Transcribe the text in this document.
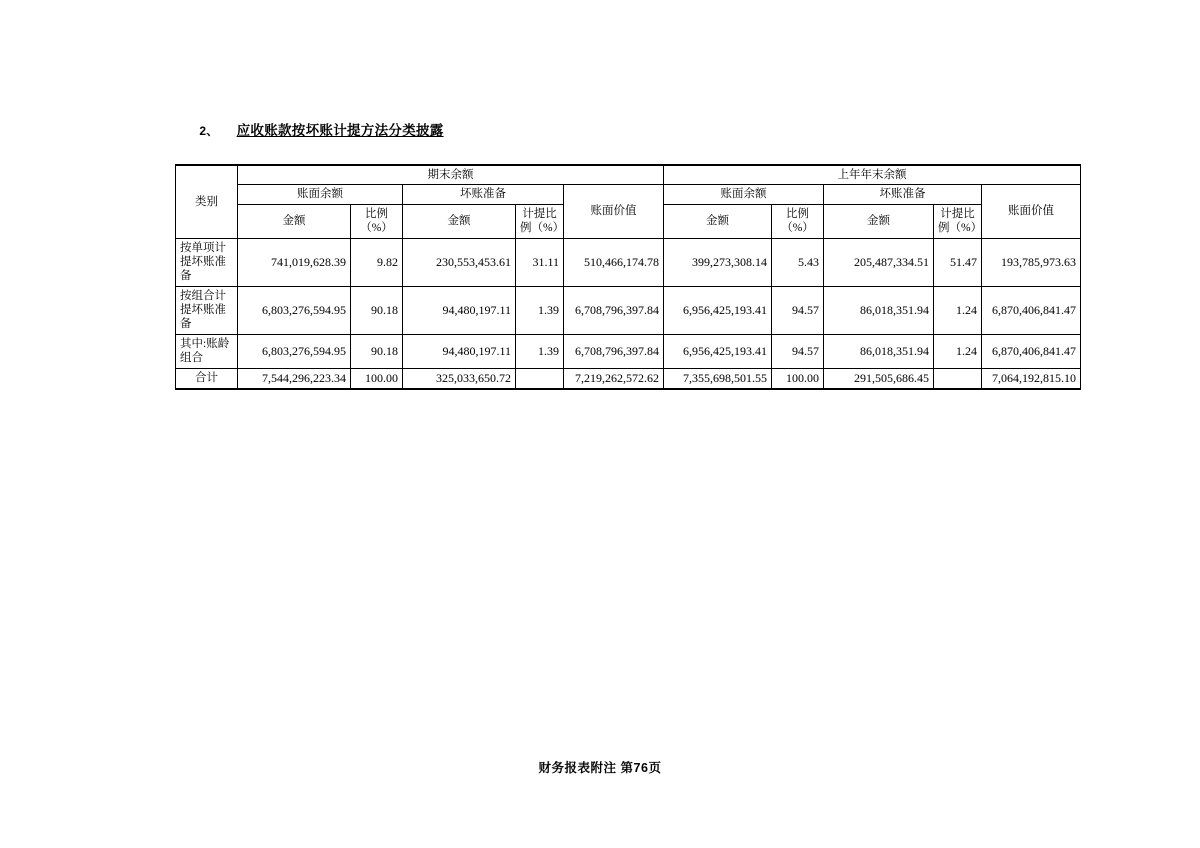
2、 应收账款按坏账计提方法分类披露

类别	期末余额					上年年末余额				
	账面余额		坏账准备		账面价值	账面余额		坏账准备		账面价值
	金额	比例（%）	金额	计提比例（%）		金额	比例（%）	金额	计提比例（%）	
按单项计提坏账准备	741,019,628.39	9.82	230,553,453.61	31.11	510,466,174.78	399,273,308.14	5.43	205,487,334.51	51.47	193,785,973.63
按组合计提坏账准备	6,803,276,594.95	90.18	94,480,197.11	1.39	6,708,796,397.84	6,956,425,193.41	94.57	86,018,351.94	1.24	6,870,406,841.47
其中:账龄组合	6,803,276,594.95	90.18	94,480,197.11	1.39	6,708,796,397.84	6,956,425,193.41	94.57	86,018,351.94	1.24	6,870,406,841.47
合计	7,544,296,223.34	100.00	325,033,650.72		7,219,262,572.62	7,355,698,501.55	100.00	291,505,686.45		7,064,192,815.10
财务报表附注 第76页
